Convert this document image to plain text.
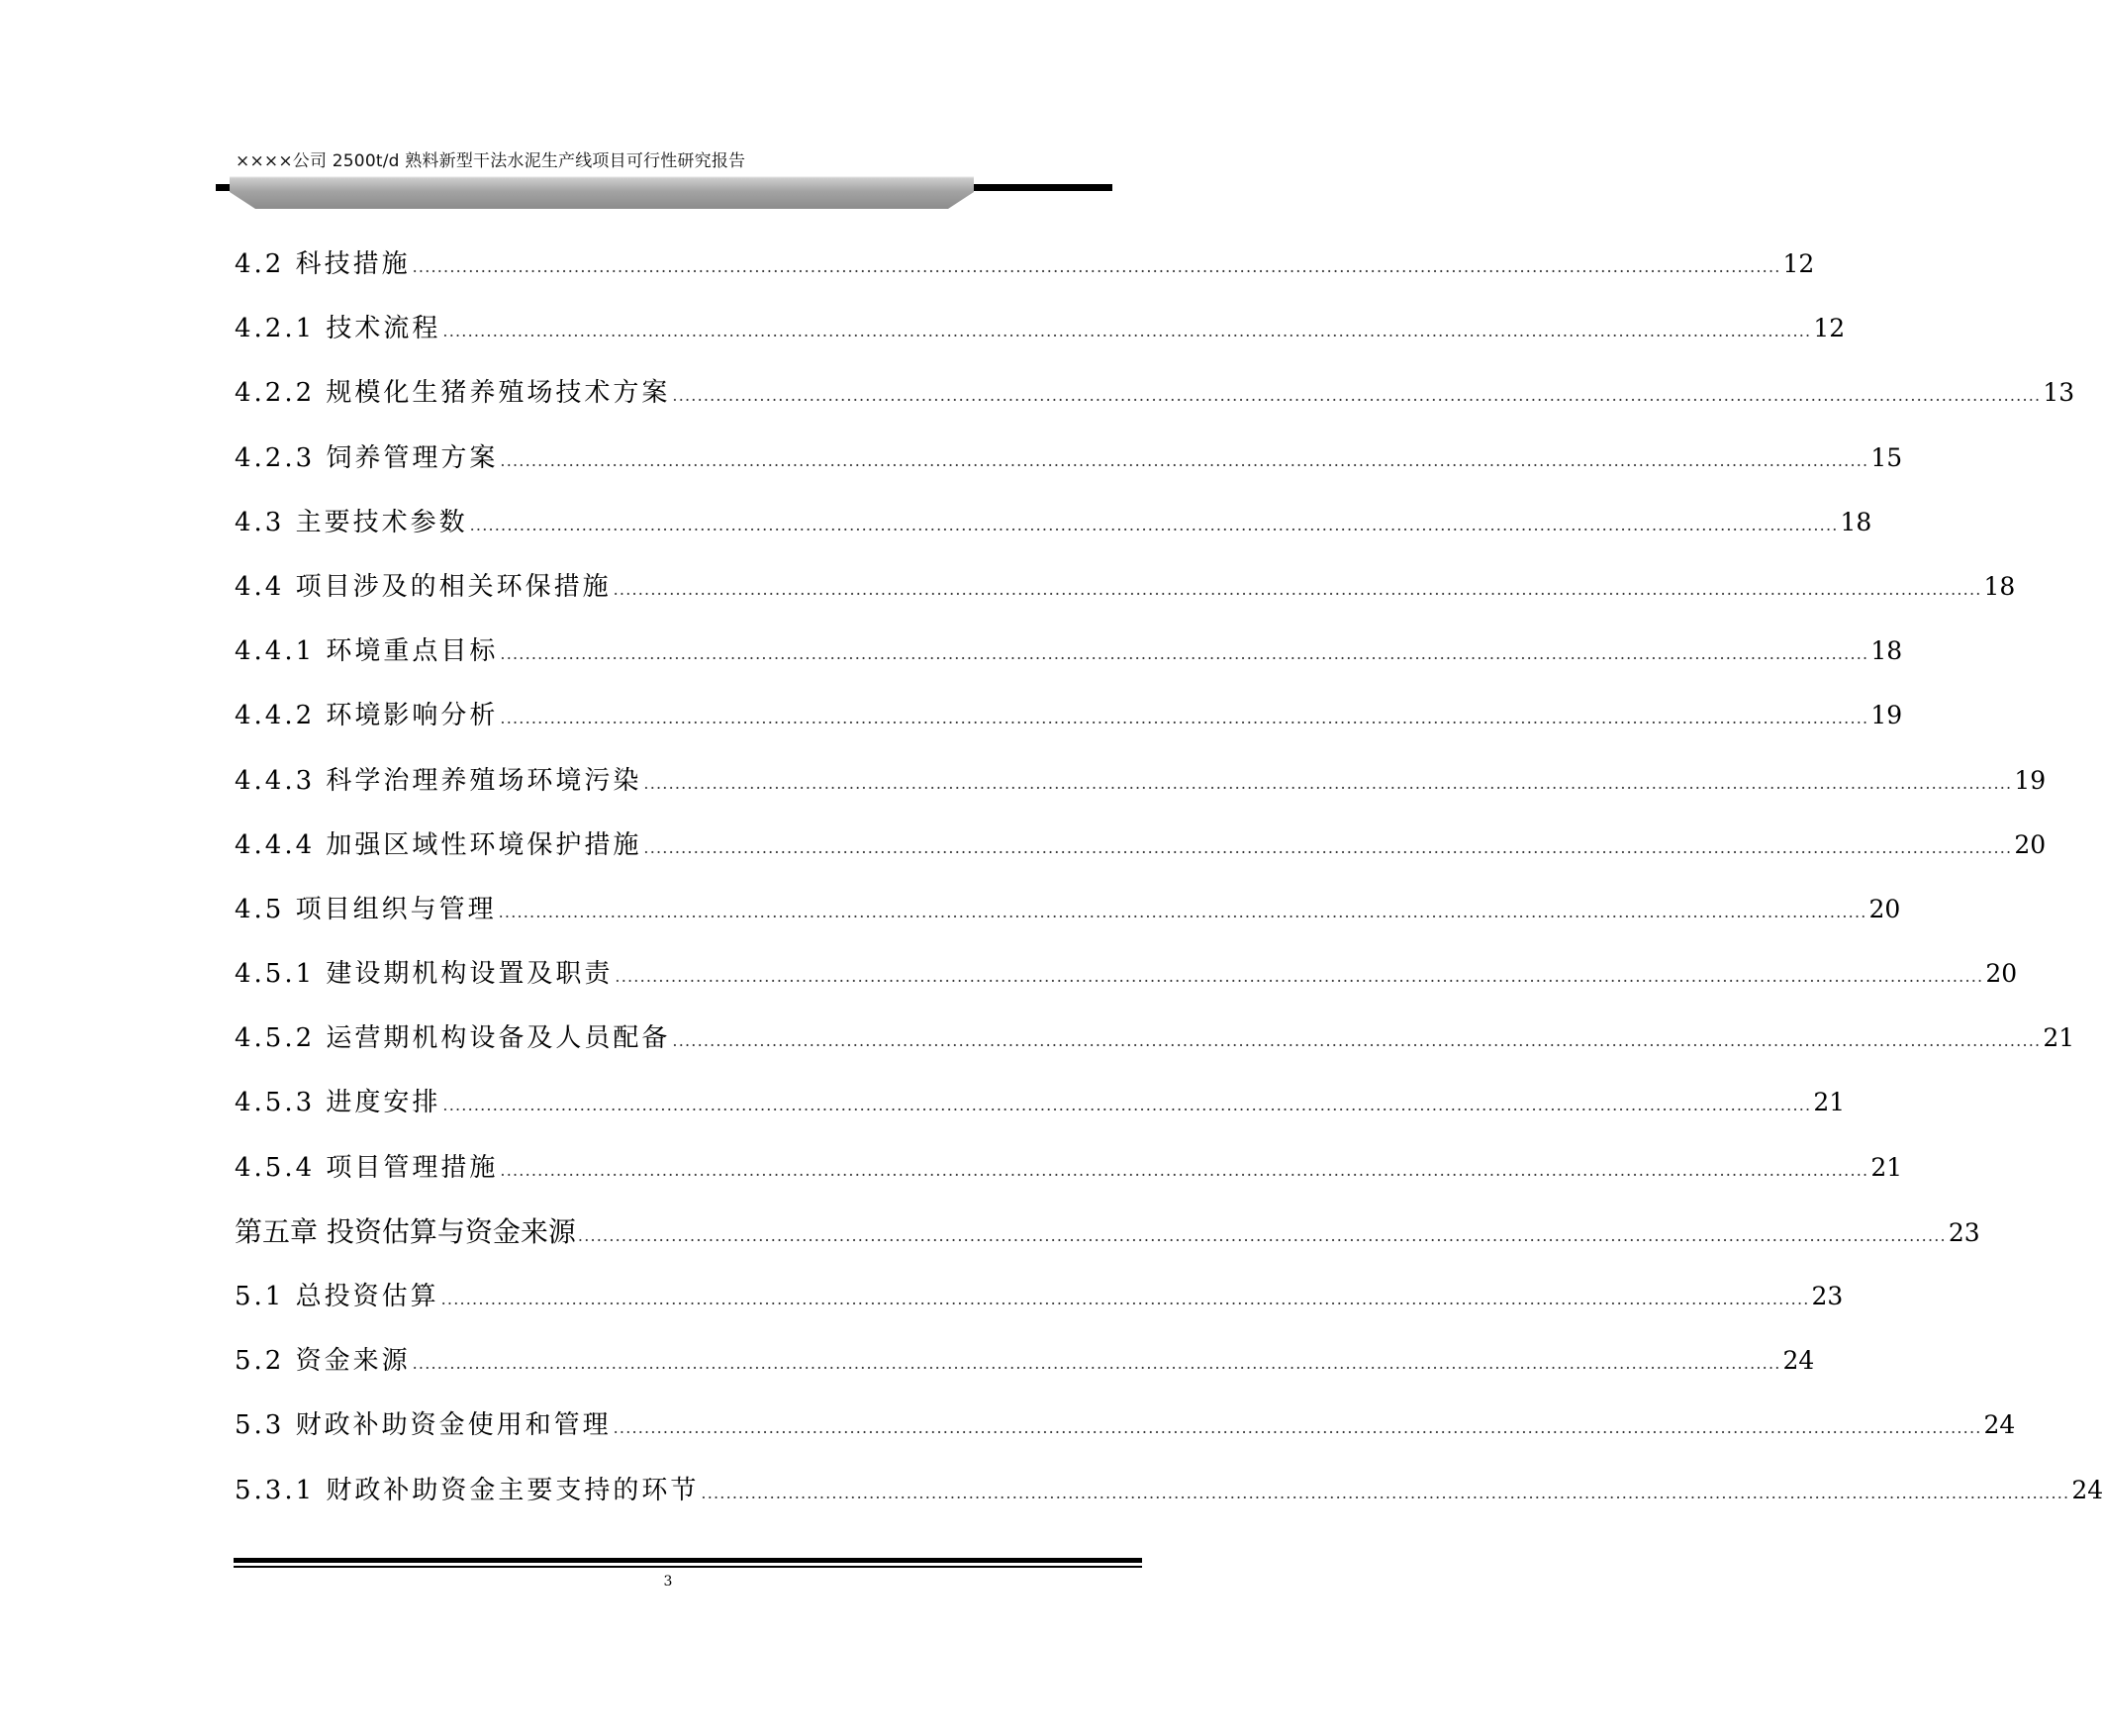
××××公司 2500t/d 熟料新型干法水泥生产线项目可行性研究报告
4.2 科技措施 ............................................................................................................................................................................................................................ 12
4.2.1 技术流程 ............................................................................................................................................................................................................................ 12
4.2.2 规模化生猪养殖场技术方案 ............................................................................................................................................................................................................................ 13
4.2.3 饲养管理方案 ............................................................................................................................................................................................................................ 15
4.3 主要技术参数 ............................................................................................................................................................................................................................ 18
4.4 项目涉及的相关环保措施 ............................................................................................................................................................................................................................ 18
4.4.1 环境重点目标 ............................................................................................................................................................................................................................ 18
4.4.2 环境影响分析 ............................................................................................................................................................................................................................ 19
4.4.3 科学治理养殖场环境污染 ............................................................................................................................................................................................................................ 19
4.4.4 加强区域性环境保护措施 ............................................................................................................................................................................................................................ 20
4.5 项目组织与管理 ............................................................................................................................................................................................................................ 20
4.5.1 建设期机构设置及职责 ............................................................................................................................................................................................................................ 20
4.5.2 运营期机构设备及人员配备 ............................................................................................................................................................................................................................ 21
4.5.3 进度安排 ............................................................................................................................................................................................................................ 21
4.5.4 项目管理措施 ............................................................................................................................................................................................................................ 21
第五章 投资估算与资金来源 ............................................................................................................................................................................................................................ 23
5.1 总投资估算 ............................................................................................................................................................................................................................ 23
5.2 资金来源 ............................................................................................................................................................................................................................ 24
5.3 财政补助资金使用和管理 ............................................................................................................................................................................................................................ 24
5.3.1 财政补助资金主要支持的环节 ............................................................................................................................................................................................................................ 24
3
